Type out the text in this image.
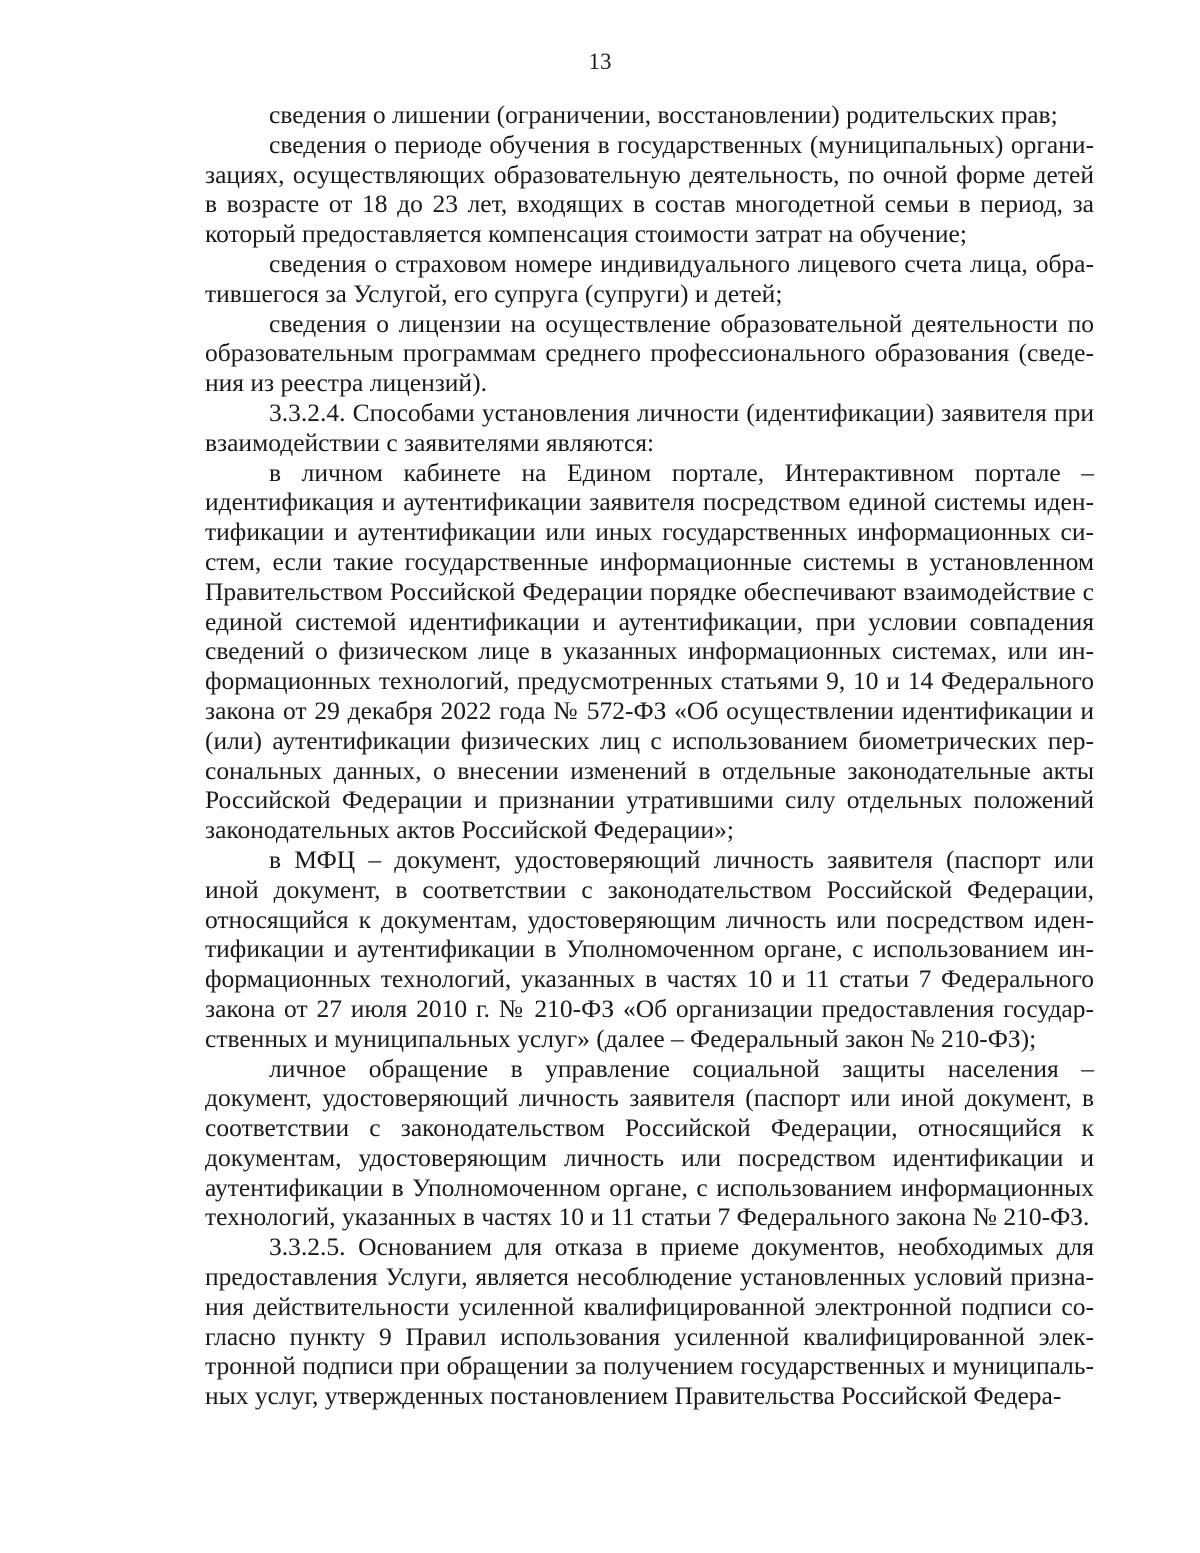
13

сведения о лишении (ограничении, восстановлении) родительских прав;

сведения о периоде обучения в государственных (муниципальных) организациях, осуществляющих образовательную деятельность, по очной форме детей в возрасте от 18 до 23 лет, входящих в состав многодетной семьи в период, за который предоставляется компенсация стоимости затрат на обучение;

сведения о страховом номере индивидуального лицевого счета лица, обратившегося за Услугой, его супруга (супруги) и детей;

сведения о лицензии на осуществление образовательной деятельности по образовательным программам среднего профессионального образования (сведения из реестра лицензий).

3.3.2.4. Способами установления личности (идентификации) заявителя при взаимодействии с заявителями являются:

в личном кабинете на Едином портале, Интерактивном портале – идентификация и аутентификации заявителя посредством единой системы идентификации и аутентификации или иных государственных информационных систем, если такие государственные информационные системы в установленном Правительством Российской Федерации порядке обеспечивают взаимодействие с единой системой идентификации и аутентификации, при условии совпадения сведений о физическом лице в указанных информационных системах, или информационных технологий, предусмотренных статьями 9, 10 и 14 Федерального закона от 29 декабря 2022 года № 572-ФЗ «Об осуществлении идентификации и (или) аутентификации физических лиц с использованием биометрических персональных данных, о внесении изменений в отдельные законодательные акты Российской Федерации и признании утратившими силу отдельных положений законодательных актов Российской Федерации»;

в МФЦ – документ, удостоверяющий личность заявителя (паспорт или иной документ, в соответствии с законодательством Российской Федерации, относящийся к документам, удостоверяющим личность или посредством идентификации и аутентификации в Уполномоченном органе, с использованием информационных технологий, указанных в частях 10 и 11 статьи 7 Федерального закона от 27 июля 2010 г. № 210-ФЗ «Об организации предоставления государственных и муниципальных услуг» (далее – Федеральный закон № 210-ФЗ);

личное обращение в управление социальной защиты населения – документ, удостоверяющий личность заявителя (паспорт или иной документ, в соответствии с законодательством Российской Федерации, относящийся к документам, удостоверяющим личность или посредством идентификации и аутентификации в Уполномоченном органе, с использованием информационных технологий, указанных в частях 10 и 11 статьи 7 Федерального закона № 210-ФЗ.

3.3.2.5. Основанием для отказа в приеме документов, необходимых для предоставления Услуги, является несоблюдение установленных условий признания действительности усиленной квалифицированной электронной подписи согласно пункту 9 Правил использования усиленной квалифицированной электронной подписи при обращении за получением государственных и муниципальных услуг, утвержденных постановлением Правительства Российской Федера-
